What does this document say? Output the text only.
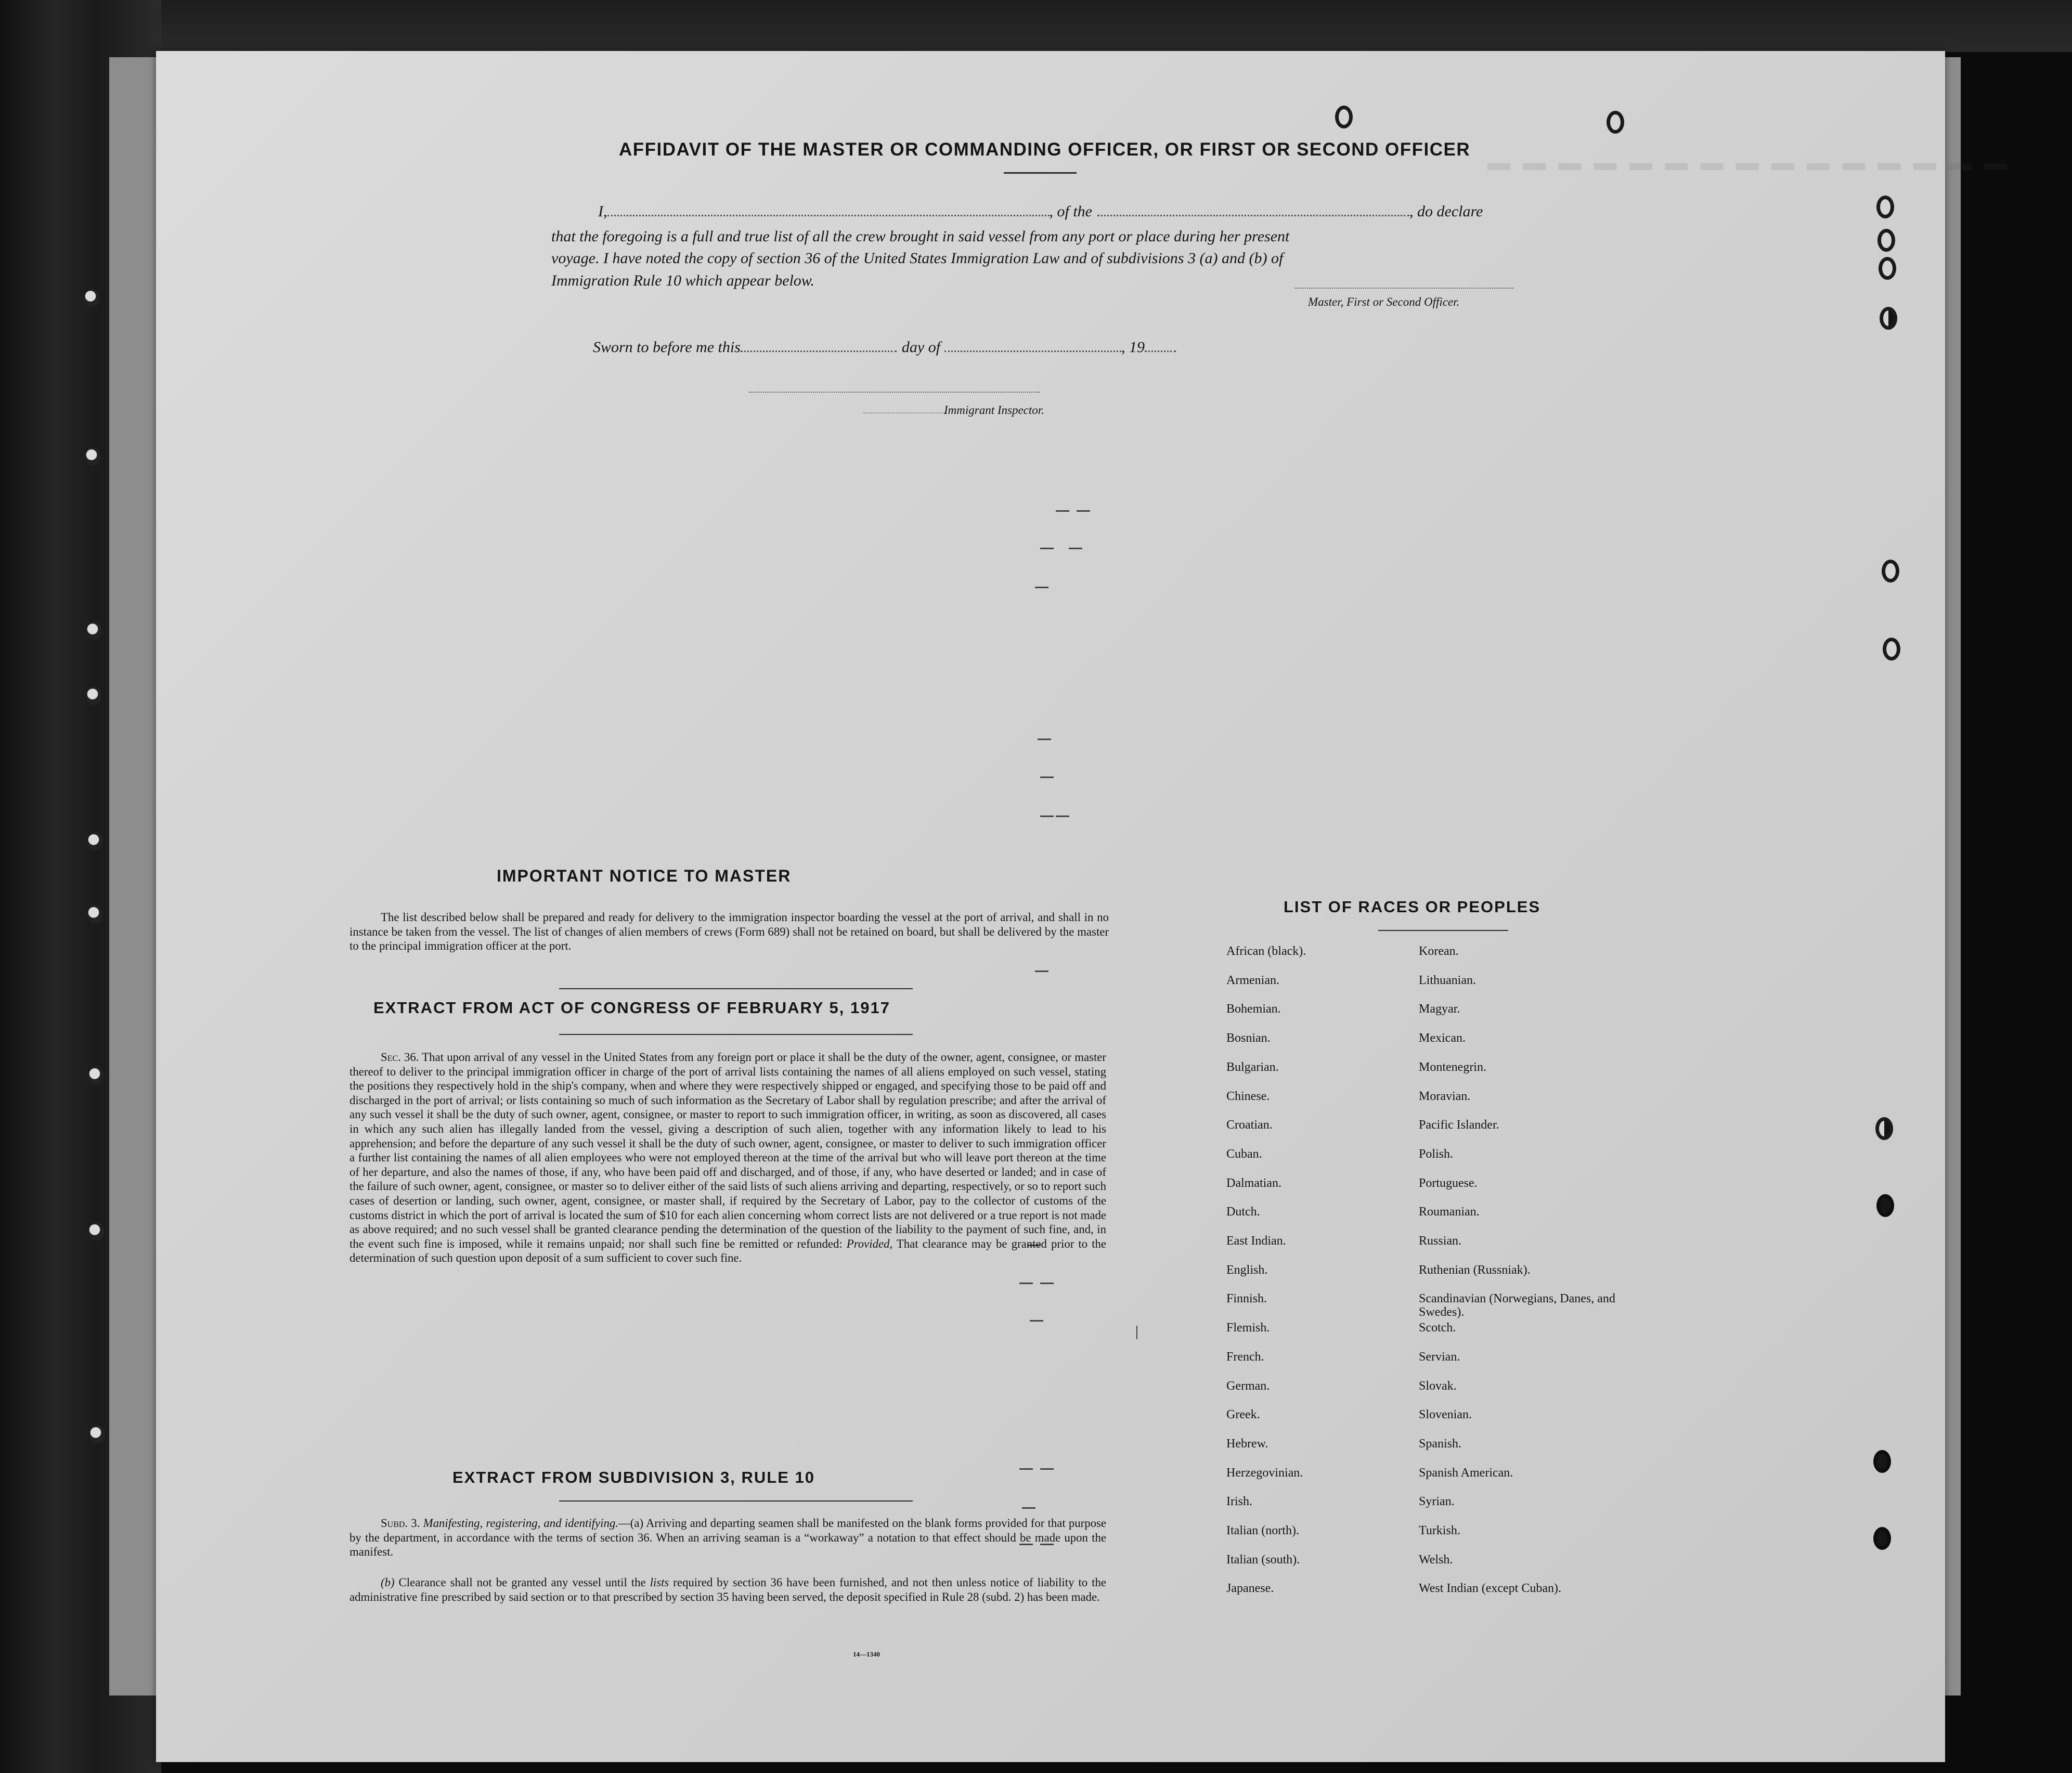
▬ ▬ ▬ ▬ ▬ ▬ ▬ ▬ ▬ ▬ ▬ ▬ ▬ ▬ ▬
AFFIDAVIT OF THE MASTER OR COMMANDING OFFICER, OR FIRST OR SECOND OFFICER
I,	, of the	, do declare
that the foregoing is a full and true list of all the crew brought in said vessel from any port or place during her present
voyage. I have noted the copy of section 36 of the United States Immigration Law and of subdivisions 3 (a) and (b) of
Immigration Rule 10 which appear below.
Master, First or Second Officer.
Sworn to before me this	day of	, 19
Immigrant Inspector.
IMPORTANT NOTICE TO MASTER
The list described below shall be prepared and ready for delivery to the immigration inspector boarding the vessel at the port of arrival, and shall in no instance be taken from the vessel. The list of changes of alien members of crews (Form 689) shall not be retained on board, but shall be delivered by the master to the principal immigration officer at the port.
EXTRACT FROM ACT OF CONGRESS OF FEBRUARY 5, 1917
Sec. 36. That upon arrival of any vessel in the United States from any foreign port or place it shall be the duty of the owner, agent, consignee, or master thereof to deliver to the principal immigration officer in charge of the port of arrival lists containing the names of all aliens employed on such vessel, stating the positions they respectively hold in the ship's company, when and where they were respectively shipped or engaged, and specifying those to be paid off and discharged in the port of arrival; or lists containing so much of such information as the Secretary of Labor shall by regulation prescribe; and after the arrival of any such vessel it shall be the duty of such owner, agent, consignee, or master to report to such immigration officer, in writing, as soon as discovered, all cases in which any such alien has illegally landed from the vessel, giving a description of such alien, together with any information likely to lead to his apprehension; and before the departure of any such vessel it shall be the duty of such owner, agent, consignee, or master to deliver to such immigration officer a further list containing the names of all alien employees who were not employed thereon at the time of the arrival but who will leave port thereon at the time of her departure, and also the names of those, if any, who have been paid off and discharged, and of those, if any, who have deserted or landed; and in case of the failure of such owner, agent, consignee, or master so to deliver either of the said lists of such aliens arriving and departing, respectively, or so to report such cases of desertion or landing, such owner, agent, consignee, or master shall, if required by the Secretary of Labor, pay to the collector of customs of the customs district in which the port of arrival is located the sum of $10 for each alien concerning whom correct lists are not delivered or a true report is not made as above required; and no such vessel shall be granted clearance pending the determination of the question of the liability to the payment of such fine, and, in the event such fine is imposed, while it remains unpaid; nor shall such fine be remitted or refunded: Provided, That clearance may be granted prior to the determination of such question upon deposit of a sum sufficient to cover such fine.
EXTRACT FROM SUBDIVISION 3, RULE 10
Subd. 3. Manifesting, registering, and identifying.—(a) Arriving and departing seamen shall be manifested on the blank forms provided for that purpose by the department, in accordance with the terms of section 36. When an arriving seaman is a “workaway” a notation to that effect should be made upon the manifest.
(b) Clearance shall not be granted any vessel until the lists required by section 36 have been furnished, and not then unless notice of liability to the administrative fine prescribed by said section or to that prescribed by section 35 having been served, the deposit specified in Rule 28 (subd. 2) has been made.
14—1340
LIST OF RACES OR PEOPLES
African (black).
Armenian.
Bohemian.
Bosnian.
Bulgarian.
Chinese.
Croatian.
Cuban.
Dalmatian.
Dutch.
East Indian.
English.
Finnish.
Flemish.
French.
German.
Greek.
Hebrew.
Herzegovinian.
Irish.
Italian (north).
Italian (south).
Japanese.
Korean.
Lithuanian.
Magyar.
Mexican.
Montenegrin.
Moravian.
Pacific Islander.
Polish.
Portuguese.
Roumanian.
Russian.
Ruthenian (Russniak).
Scandinavian (Norwegians, Danes, and Swedes).
Scotch.
Servian.
Slovak.
Slovenian.
Spanish.
Spanish American.
Syrian.
Turkish.
Welsh.
West Indian (except Cuban).
